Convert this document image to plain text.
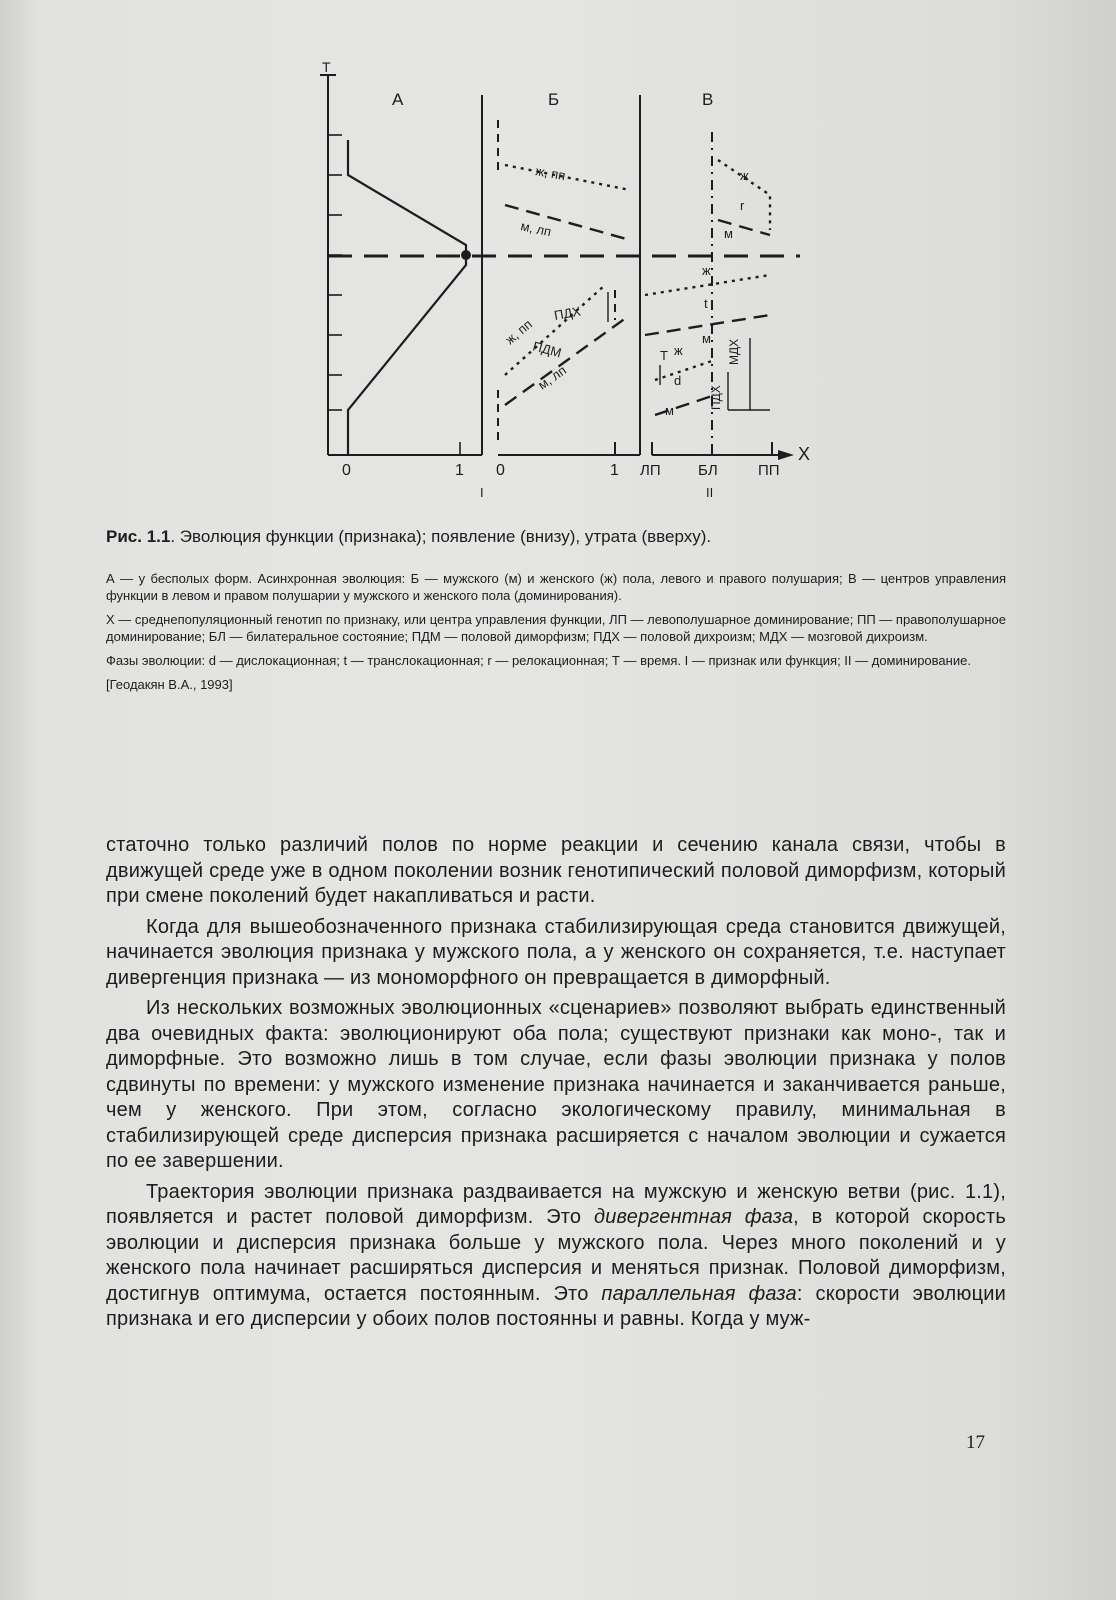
А	Б	В
T
X
0	1 0	1 ЛП БЛ	ПП
I	II
ж, пп
м, лп
ж, пп
ПДМ
м, лп
ПДХ
ж
r
м
ж
t
м
Т ж
d
м
МДХ
ПДХ
Рис. 1.1. Эволюция функции (признака); появление (внизу), утрата (вверху).

А — у бесполых форм. Асинхронная эволюция: Б — мужского (м) и женского (ж) пола, левого и правого полушария; В — центров управления функции в левом и правом полушарии у мужского и женского пола (доминирования).

Х — среднепопуляционный генотип по признаку, или центра управления функции, ЛП — левополушарное доминирование; ПП — правополушарное доминирование; БЛ — билатеральное состояние; ПДМ — половой диморфизм; ПДХ — половой дихроизм; МДХ — мозговой дихроизм.

Фазы эволюции: d — дислокационная; t — транслокационная; r — релокационная; Т — время. I — признак или функция; II — доминирование.

[Геодакян В.А., 1993]

статочно только различий полов по норме реакции и сечению канала связи, чтобы в движущей среде уже в одном поколении возник генотипический половой диморфизм, который при смене поколений будет накапливаться и расти.

Когда для вышеобозначенного признака стабилизирующая среда становится движущей, начинается эволюция признака у мужского пола, а у женского он сохраняется, т.е. наступает дивергенция признака — из мономорфного он превращается в диморфный.

Из нескольких возможных эволюционных «сценариев» позволяют выбрать единственный два очевидных факта: эволюционируют оба пола; существуют признаки как моно-, так и диморфные. Это возможно лишь в том случае, если фазы эволюции признака у полов сдвинуты по времени: у мужского изменение признака начинается и заканчивается раньше, чем у женского. При этом, согласно экологическому правилу, минимальная в стабилизирующей среде дисперсия признака расширяется с началом эволюции и сужается по ее завершении.

Траектория эволюции признака раздваивается на мужскую и женскую ветви (рис. 1.1), появляется и растет половой диморфизм. Это дивергентная фаза, в которой скорость эволюции и дисперсия признака больше у мужского пола. Через много поколений и у женского пола начинает расширяться дисперсия и меняться признак. Половой диморфизм, достигнув оптимума, остается постоянным. Это параллельная фаза: скорости эволюции признака и его дисперсии у обоих полов постоянны и равны. Когда у муж-

17
